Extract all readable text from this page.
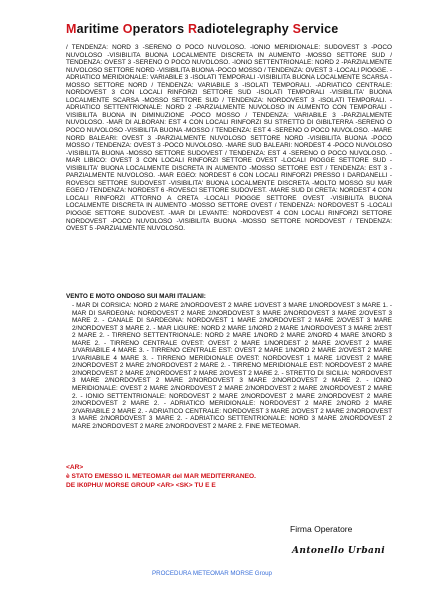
Maritime Operators Radiotelegraphy Service
/ TENDENZA: NORD 3 -SERENO O POCO NUVOLOSO. -IONIO MERIDIONALE: SUDOVEST 3 -POCO NUVOLOSO -VISIBILITA BUONA LOCALMENTE DISCRETA IN AUMENTO -MOSSO SETTORE SUD / TENDENZA: OVEST 3 -SERENO O POCO NUVOLOSO. -IONIO SETTENTRIONALE: NORD 2 -PARZIALMENTE NUVOLOSO SETTORE NORD -VISIBILITA BUONA -POCO MOSSO / TENDENZA: OVEST 3 -LOCALI PIOGGE. -ADRIATICO MERIDIONALE: VARIABILE 3 -ISOLATI TEMPORALI -VISIBILITA BUONA LOCALMENTE SCARSA -MOSSO SETTORE NORD / TENDENZA: VARIABILE 3 -ISOLATI TEMPORALI. -ADRIATICO CENTRALE: NORDOVEST 3 CON LOCALI RINFORZI SETTORE SUD -ISOLATI TEMPORALI -VISIBILITA' BUONA LOCALMENTE SCARSA -MOSSO SETTORE SUD / TENDENZA: NORDOVEST 3 -ISOLATI TEMPORALI. -ADRIATICO SETTENTRIONALE: NORD 2 -PARZIALMENTE NUVOLOSO IN AUMENTO CON TEMPORALI -VISIBILITA BUONA IN DIMINUZIONE -POCO MOSSO / TENDENZA: VARIABILE 3 -PARZIALMENTE NUVOLOSO. -MAR DI ALBORAN: EST 4 CON LOCALI RINFORZI SU STRETTO DI GIBILTERRA -SERENO O POCO NUVOLOSO -VISIBILITA BUONA -MOSSO / TENDENZA: EST 4 -SERENO O POCO NUVOLOSO. -MARE NORD BALEARI: OVEST 3 -PARZIALMENTE NUVOLOSO SETTORE NORD -VISIBILITA BUONA -POCO MOSSO / TENDENZA: OVEST 3 -POCO NUVOLOSO. -MARE SUD BALEARI: NORDEST 4 -POCO NUVOLOSO -VISIBILITA BUONA -MOSSO SETTORE SUDOVEST / TENDENZA: EST 4 -SERENO O POCO NUVOLOSO. -MAR LIBICO: OVEST 3 CON LOCALI RINFORZI SETTORE OVEST -LOCALI PIOGGE SETTORE SUD -VISIBILITA' BUONA LOCALMENTE DISCRETA IN AUMENTO -MOSSO SETTORE EST / TENDENZA: EST 3 -PARZIALMENTE NUVOLOSO. -MAR EGEO: NORDEST 6 CON LOCALI RINFORZI PRESSO I DARDANELLI -ROVESCI SETTORE SUDOVEST -VISIBILITA' BUONA LOCALMENTE DISCRETA -MOLTO MOSSO SU MAR EGEO / TENDENZA: NORDEST 6 -ROVESCI SETTORE SUDOVEST. -MARE SUD DI CRETA: NORDEST 4 CON LOCALI RINFORZI ATTORNO A CRETA -LOCALI PIOGGE SETTORE OVEST -VISIBILITA BUONA LOCALMENTE DISCRETA IN AUMENTO -MOSSO SETTORE OVEST / TENDENZA: NORDOVEST 5 -LOCALI PIOGGE SETTORE SUDOVEST. -MAR DI LEVANTE: NORDOVEST 4 CON LOCALI RINFORZI SETTORE NORDOVEST -POCO NUVOLOSO -VISIBILITA BUONA -MOSSO SETTORE NORDOVEST / TENDENZA: OVEST 5 -PARZIALMENTE NUVOLOSO.
VENTO E MOTO ONDOSO SUI MARI ITALIANI:
- MAR DI CORSICA: NORD 2 MARE 2/NORDOVEST 2 MARE 1/OVEST 3 MARE 1/NORDOVEST 3 MARE 1. - MAR DI SARDEGNA: NORDOVEST 2 MARE 2/NORDOVEST 3 MARE 2/NORDOVEST 3 MARE 2/OVEST 3 MARE 2. - CANALE DI SARDEGNA: NORDOVEST 1 MARE 2/NORDOVEST 2 MARE 2/OVEST 3 MARE 2/NORDOVEST 3 MARE 2. - MAR LIGURE: NORD 2 MARE 1/NORD 2 MARE 1/NORDOVEST 3 MARE 2/EST 2 MARE 2. - TIRRENO SETTENTRIONALE: NORD 2 MARE 1/NORD 2 MARE 2/NORD 4 MARE 3/NORD 3 MARE 2. - TIRRENO CENTRALE OVEST: OVEST 2 MARE 1/NORDEST 2 MARE 2/OVEST 2 MARE 1/VARIABILE 4 MARE 3. - TIRRENO CENTRALE EST: OVEST 2 MARE 1/NORD 2 MARE 2/OVEST 2 MARE 1/VARIABILE 4 MARE 3. - TIRRENO MERIDIONALE OVEST: NORDOVEST 1 MARE 1/OVEST 2 MARE 2/NORDOVEST 2 MARE 2/NORDOVEST 2 MARE 2. - TIRRENO MERIDIONALE EST: NORDOVEST 2 MARE 2/NORDOVEST 2 MARE 2/NORDOVEST 2 MARE 2/OVEST 2 MARE 2. - STRETTO DI SICILIA: NORDOVEST 3 MARE 2/NORDOVEST 2 MARE 2/NORDOVEST 3 MARE 2/NORDOVEST 2 MARE 2. - IONIO MERIDIONALE: OVEST 2 MARE 2/NORDOVEST 2 MARE 2/NORDOVEST 2 MARE 2/NORDOVEST 2 MARE 2. - IONIO SETTENTRIONALE: NORDOVEST 2 MARE 2/NORDOVEST 2 MARE 2/NORDOVEST 2 MARE 2/NORDOVEST 2 MARE 2. - ADRIATICO MERIDIONALE: NORDOVEST 2 MARE 2/NORD 2 MARE 2/VARIABILE 2 MARE 2. - ADRIATICO CENTRALE: NORDOVEST 3 MARE 2/OVEST 2 MARE 2/NORDOVEST 3 MARE 2/NORDOVEST 3 MARE 2. - ADRIATICO SETTENTRIONALE: NORD 3 MARE 2/NORDOVEST 2 MARE 2/NORDOVEST 2 MARE 2/NORDOVEST 2 MARE 2. FINE METEOMAR.
<AR>
è STATO EMESSO IL METEOMAR del MAR MEDITERRANEO.
DE IK0PHU/ MORSE GROUP <AR> <SK> TU E E
Firma Operatore
Antonello Urbani
PROCEDURA METEOMAR MORSE Group
